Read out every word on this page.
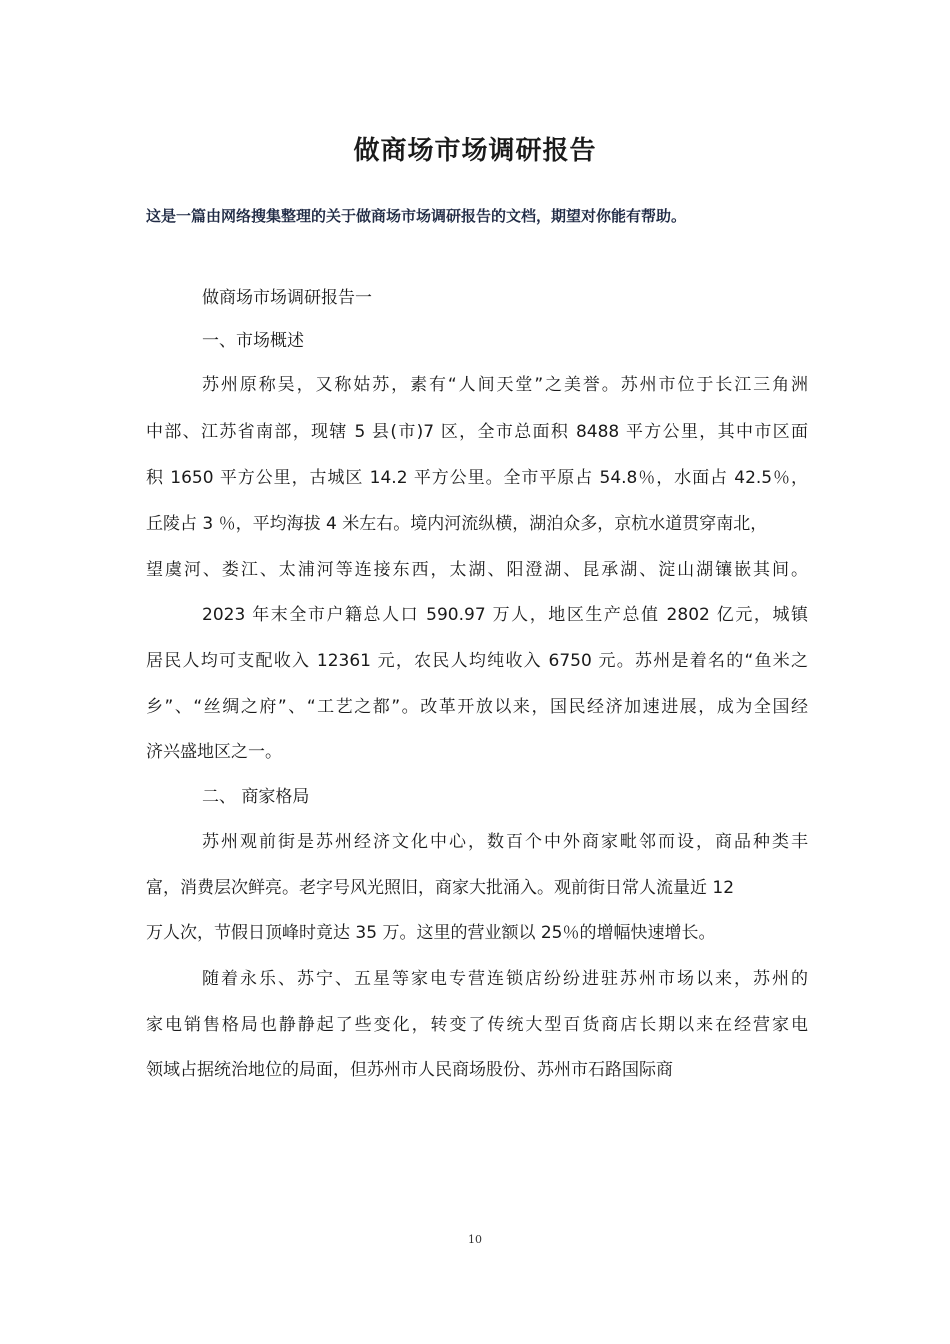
做商场市场调研报告
这是一篇由网络搜集整理的关于做商场市场调研报告的文档，期望对你能有帮助。
做商场市场调研报告一
一、市场概述
苏州原称吴，又称姑苏，素有“人间天堂”之美誉。苏州市位于长江三角洲
中部、江苏省南部，现辖 5 县(市)7 区，全市总面积 8488 平方公里，其中市区面
积 1650 平方公里，古城区 14.2 平方公里。全市平原占 54.8％，水面占 42.5％，
丘陵占 3 ％，平均海拔 4 米左右。境内河流纵横，湖泊众多，京杭水道贯穿南北，
望虞河、娄江、太浦河等连接东西，太湖、阳澄湖、昆承湖、淀山湖镶嵌其间。
2023 年末全市户籍总人口 590.97 万人，地区生产总值 2802 亿元，城镇
居民人均可支配收入 12361 元，农民人均纯收入 6750 元。苏州是着名的“鱼米之
乡”、“丝绸之府”、“工艺之都”。改革开放以来，国民经济加速进展，成为全国经
济兴盛地区之一。
二、 商家格局
苏州观前街是苏州经济文化中心，数百个中外商家毗邻而设，商品种类丰
富，消费层次鲜亮。老字号风光照旧，商家大批涌入。观前街日常人流量近 12
万人次，节假日顶峰时竟达 35 万。这里的营业额以 25％的增幅快速增长。
随着永乐、苏宁、五星等家电专营连锁店纷纷进驻苏州市场以来，苏州的
家电销售格局也静静起了些变化，转变了传统大型百货商店长期以来在经营家电
领域占据统治地位的局面，但苏州市人民商场股份、苏州市石路国际商
10
